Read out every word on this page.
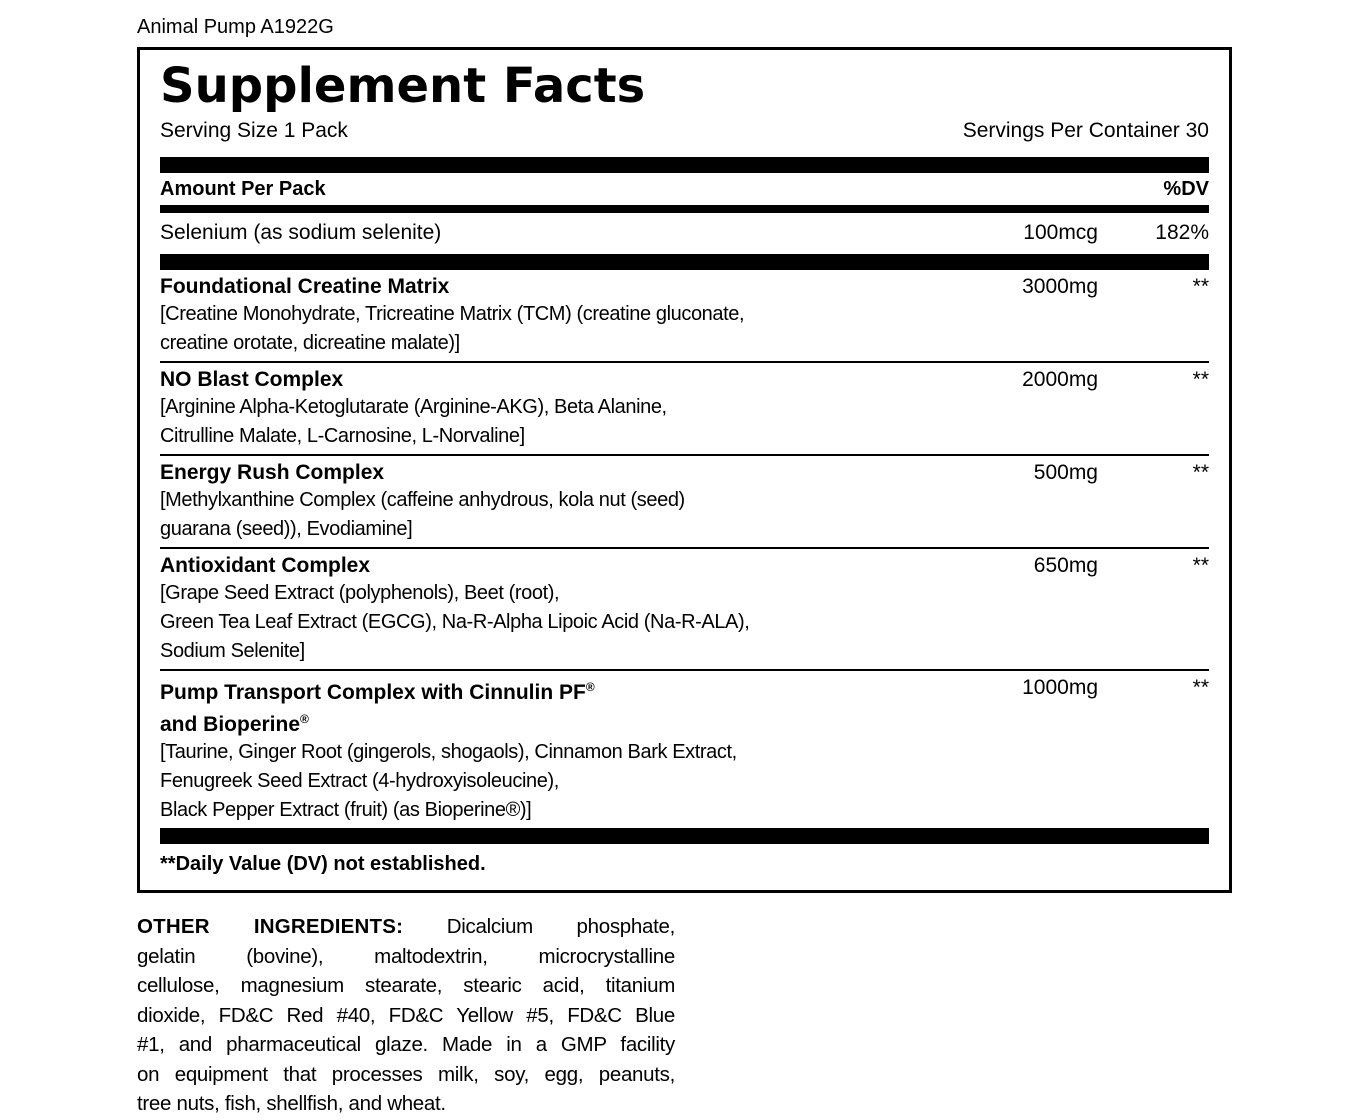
Animal Pump A1922G
Supplement Facts
Serving Size 1 Pack	Servings Per Container 30
Amount Per Pack	%DV
Selenium (as sodium selenite)	100mcg	182%
Foundational Creatine Matrix	3000mg	**
[Creatine Monohydrate, Tricreatine Matrix (TCM) (creatine gluconate,
creatine orotate, dicreatine malate)]
NO Blast Complex	2000mg	**
[Arginine Alpha-Ketoglutarate (Arginine-AKG), Beta Alanine,
Citrulline Malate, L-Carnosine, L-Norvaline]
Energy Rush Complex	500mg	**
[Methylxanthine Complex (caffeine anhydrous, kola nut (seed)
guarana (seed)), Evodiamine]
Antioxidant Complex	650mg	**
[Grape Seed Extract (polyphenols), Beet (root),
Green Tea Leaf Extract (EGCG), Na-R-Alpha Lipoic Acid (Na-R-ALA),
Sodium Selenite]
Pump Transport Complex with Cinnulin PF®
and Bioperine®
1000mg	**
[Taurine, Ginger Root (gingerols, shogaols), Cinnamon Bark Extract,
Fenugreek Seed Extract (4-hydroxyisoleucine),
Black Pepper Extract (fruit) (as Bioperine®)]
**Daily Value (DV) not established.
OTHER INGREDIENTS: Dicalcium phosphate,
gelatin (bovine), maltodextrin, microcrystalline
cellulose, magnesium stearate, stearic acid, titanium
dioxide, FD&C Red #40, FD&C Yellow #5, FD&C Blue
#1, and pharmaceutical glaze. Made in a GMP facility
on equipment that processes milk, soy, egg, peanuts,
tree nuts, fish, shellfish, and wheat.
